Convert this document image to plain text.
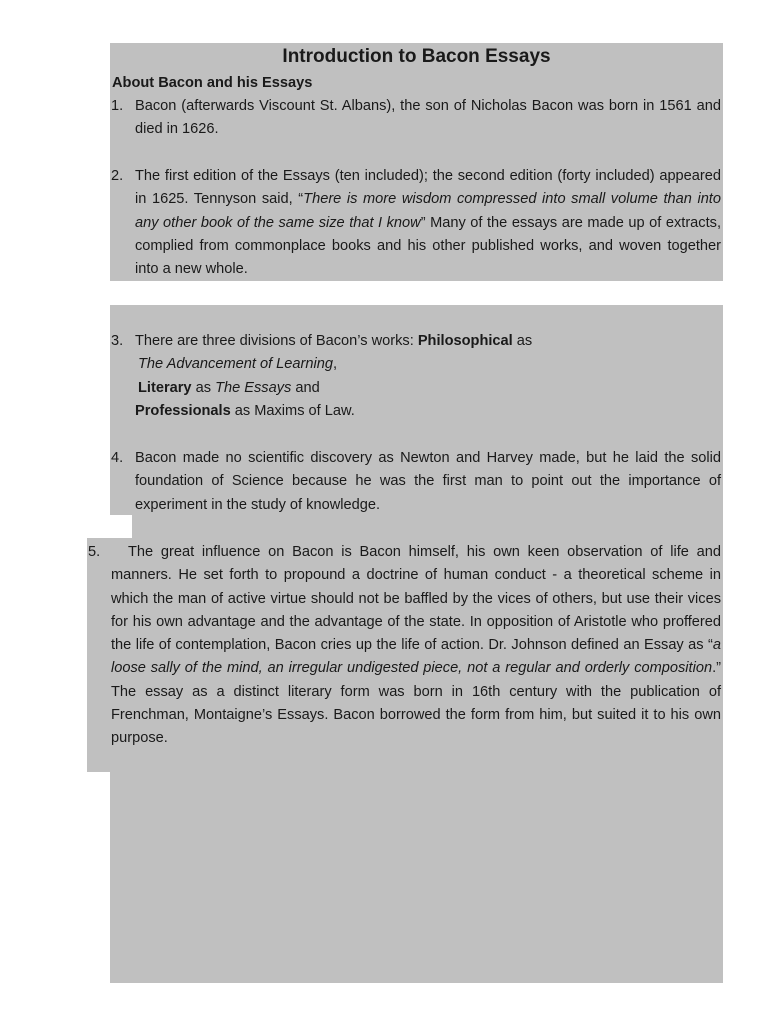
Introduction to Bacon Essays
About Bacon and his Essays
1. Bacon (afterwards Viscount St. Albans), the son of Nicholas Bacon was born in 1561 and died in 1626.
2. The first edition of the Essays (ten included); the second edition (forty included) appeared in 1625. Tennyson said, “There is more wisdom compressed into small volume than into any other book of the same size that I know” Many of the essays are made up of extracts, complied from commonplace books and his other published works, and woven together into a new whole.
3. There are three divisions of Bacon’s works: Philosophical as
The Advancement of Learning,
Literary as The Essays and
Professionals as Maxims of Law.
4. Bacon made no scientific discovery as Newton and Harvey made, but he laid the solid foundation of Science because he was the first man to point out the importance of experiment in the study of knowledge.
5. The great influence on Bacon is Bacon himself, his own keen observation of life and manners. He set forth to propound a doctrine of human conduct - a theoretical scheme in which the man of active virtue should not be baffled by the vices of others, but use their vices for his own advantage and the advantage of the state. In opposition of Aristotle who proffered the life of contemplation, Bacon cries up the life of action. Dr. Johnson defined an Essay as “a loose sally of the mind, an irregular undigested piece, not a regular and orderly composition.” The essay as a distinct literary form was born in 16th century with the publication of Frenchman, Montaigne’s Essays. Bacon borrowed the form from him, but suited it to his own purpose.
